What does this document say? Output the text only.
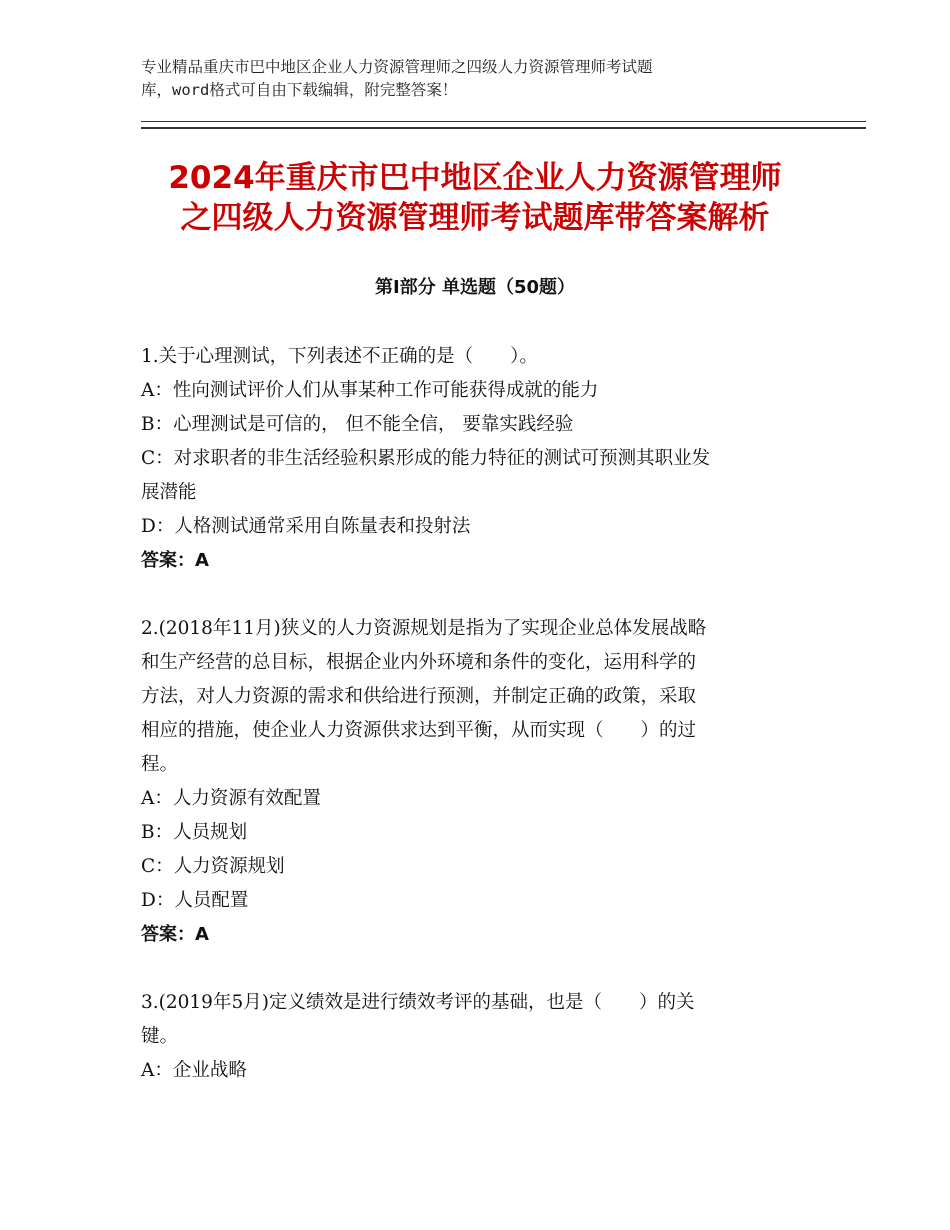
专业精品重庆市巴中地区企业人力资源管理师之四级人力资源管理师考试题
库，word格式可自由下载编辑，附完整答案！
2024年重庆市巴中地区企业人力资源管理师
之四级人力资源管理师考试题库带答案解析
第Ⅰ部分 单选题（50题）
1.关于心理测试，下列表述不正确的是（　　）。
A：性向测试评价人们从事某种工作可能获得成就的能力
B：心理测试是可信的， 但不能全信， 要靠实践经验
C：对求职者的非生活经验积累形成的能力特征的测试可预测其职业发
展潜能
D：人格测试通常采用自陈量表和投射法
答案：A
2.(2018年11月)狭义的人力资源规划是指为了实现企业总体发展战略
和生产经营的总目标，根据企业内外环境和条件的变化，运用科学的
方法，对人力资源的需求和供给进行预测，并制定正确的政策，采取
相应的措施，使企业人力资源供求达到平衡，从而实现（　　）的过
程。
A：人力资源有效配置
B：人员规划
C：人力资源规划
D：人员配置
答案：A
3.(2019年5月)定义绩效是进行绩效考评的基础，也是（　　）的关
键。
A：企业战略
